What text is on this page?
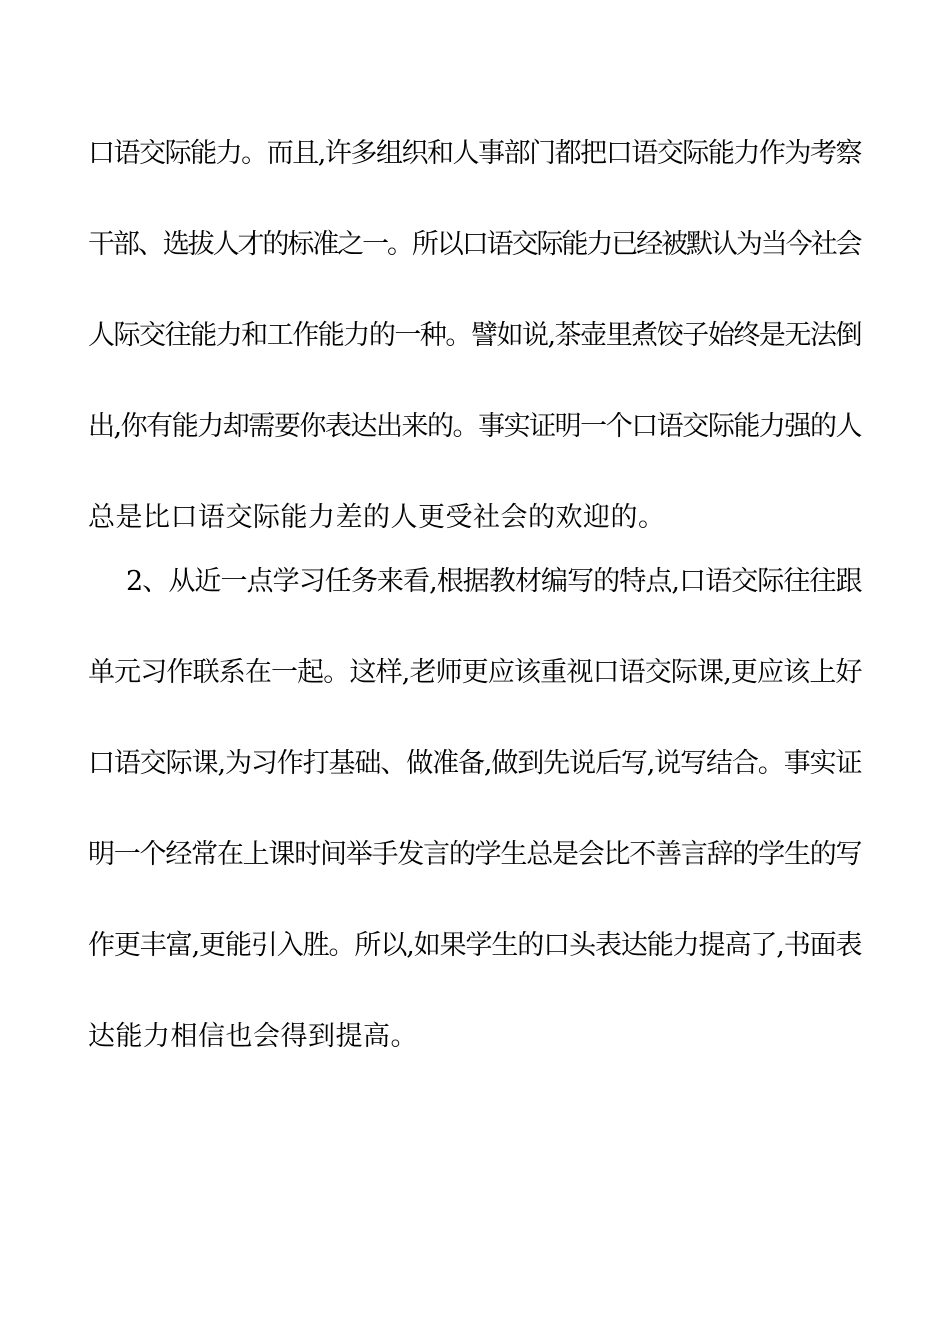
口语交际能力。而且,许多组织和人事部门都把口语交际能力作为考察
干部、选拔人才的标准之一。所以口语交际能力已经被默认为当今社会
人际交往能力和工作能力的一种。譬如说,茶壶里煮饺子始终是无法倒
出,你有能力却需要你表达出来的。事实证明一个口语交际能力强的人
总是比口语交际能力差的人更受社会的欢迎的。
2、从近一点学习任务来看,根据教材编写的特点,口语交际往往跟
单元习作联系在一起。这样,老师更应该重视口语交际课,更应该上好
口语交际课,为习作打基础、做准备,做到先说后写,说写结合。事实证
明一个经常在上课时间举手发言的学生总是会比不善言辞的学生的写
作更丰富,更能引入胜。所以,如果学生的口头表达能力提高了,书面表
达能力相信也会得到提高。
